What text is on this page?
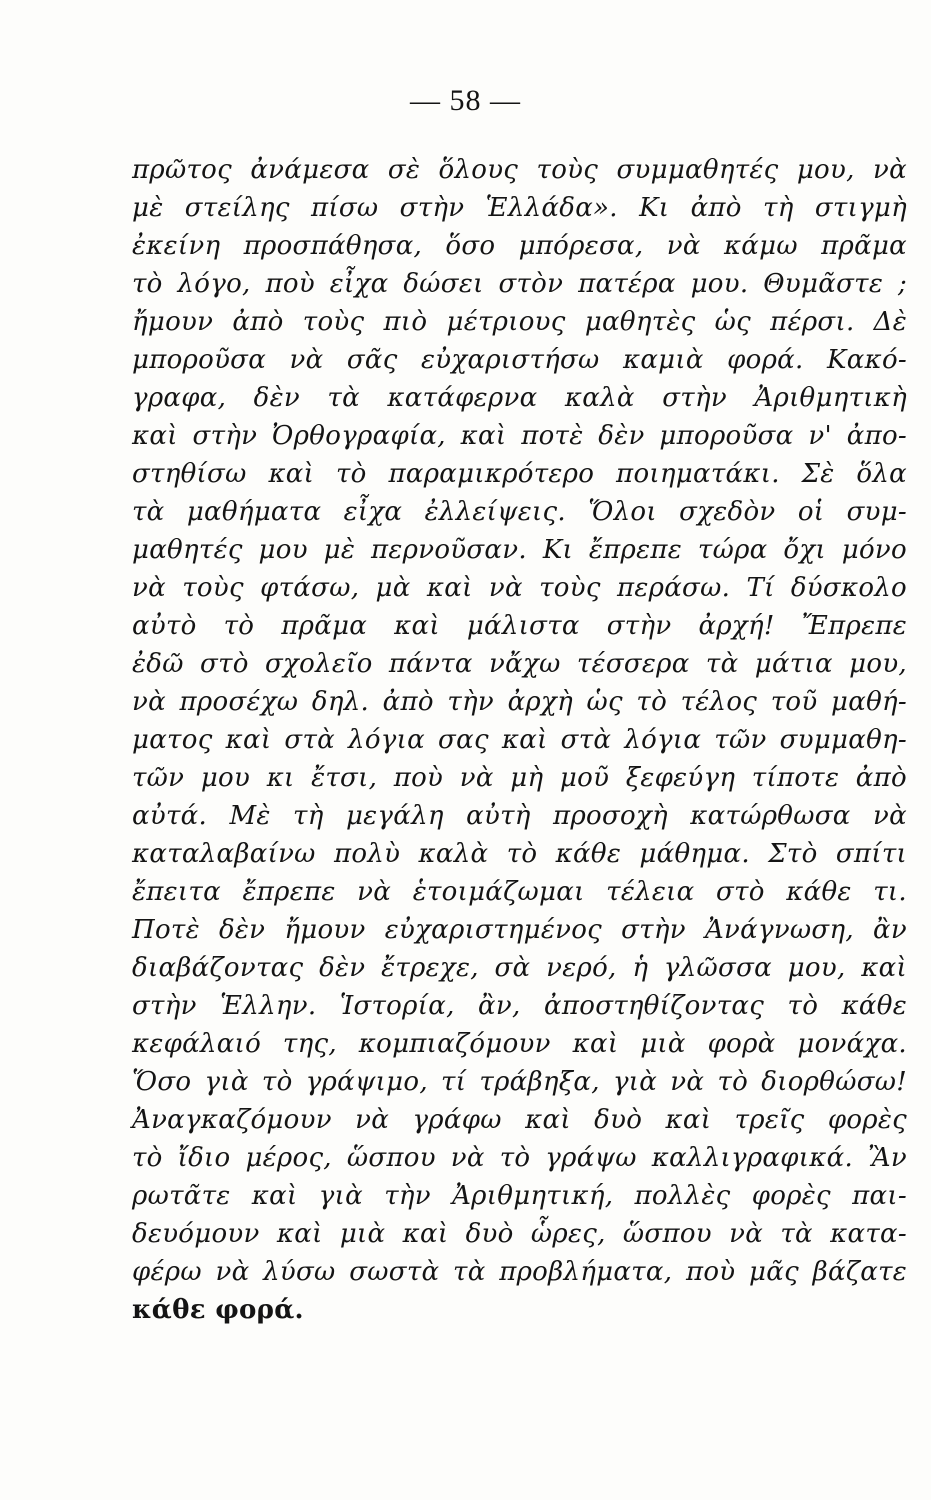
— 58 —
πρῶτος ἀνάμεσα σὲ ὅλους τοὺς συμμαθητές μου, νὰ
μὲ στείλης πίσω στὴν Ἑλλάδα». Κι ἀπὸ τὴ στιγμὴ
ἐκείνη προσπάθησα, ὅσο μπόρεσα, νὰ κάμω πρᾶμα
τὸ λόγο, ποὺ εἶχα δώσει στὸν πατέρα μου. Θυμᾶστε ;
ἤμουν ἀπὸ τοὺς πιὸ μέτριους μαθητὲς ὡς πέρσι. Δὲ
μποροῦσα νὰ σᾶς εὐχαριστήσω καμιὰ φορά. Κακό-
γραφα, δὲν τὰ κατάφερνα καλὰ στὴν Ἀριθμητικὴ
καὶ στὴν Ὀρθογραφία, καὶ ποτὲ δὲν μποροῦσα ν' ἀπο-
στηθίσω καὶ τὸ παραμικρότερο ποιηματάκι. Σὲ ὅλα
τὰ μαθήματα εἶχα ἐλλείψεις. Ὅλοι σχεδὸν οἱ συμ-
μαθητές μου μὲ περνοῦσαν. Κι ἔπρεπε τώρα ὄχι μόνο
νὰ τοὺς φτάσω, μὰ καὶ νὰ τοὺς περάσω. Τί δύσκολο
αὐτὸ τὸ πρᾶμα καὶ μάλιστα στὴν ἀρχή! Ἔπρεπε
ἐδῶ στὸ σχολεῖο πάντα νἄχω τέσσερα τὰ μάτια μου,
νὰ προσέχω δηλ. ἀπὸ τὴν ἀρχὴ ὡς τὸ τέλος τοῦ μαθή-
ματος καὶ στὰ λόγια σας καὶ στὰ λόγια τῶν συμμαθη-
τῶν μου κι ἔτσι, ποὺ νὰ μὴ μοῦ ξεφεύγη τίποτε ἀπὸ
αὐτά. Μὲ τὴ μεγάλη αὐτὴ προσοχὴ κατώρθωσα νὰ
καταλαβαίνω πολὺ καλὰ τὸ κάθε μάθημα. Στὸ σπίτι
ἔπειτα ἔπρεπε νὰ ἑτοιμάζωμαι τέλεια στὸ κάθε τι.
Ποτὲ δὲν ἤμουν εὐχαριστημένος στὴν Ἀνάγνωση, ἂν
διαβάζοντας δὲν ἔτρεχε, σὰ νερό, ἡ γλῶσσα μου, καὶ
στὴν Ἑλλην. Ἱστορία, ἂν, ἀποστηθίζοντας τὸ κάθε
κεφάλαιό της, κομπιαζόμουν καὶ μιὰ φορὰ μονάχα.
Ὅσο γιὰ τὸ γράψιμο, τί τράβηξα, γιὰ νὰ τὸ διορθώσω!
Ἀναγκαζόμουν νὰ γράφω καὶ δυὸ καὶ τρεῖς φορὲς
τὸ ἴδιο μέρος, ὥσπου νὰ τὸ γράψω καλλιγραφικά. Ἂν
ρωτᾶτε καὶ γιὰ τὴν Ἀριθμητική, πολλὲς φορὲς παι-
δευόμουν καὶ μιὰ καὶ δυὸ ὧρες, ὥσπου νὰ τὰ κατα-
φέρω νὰ λύσω σωστὰ τὰ προβλήματα, ποὺ μᾶς βάζατε
κάθε φορά.
